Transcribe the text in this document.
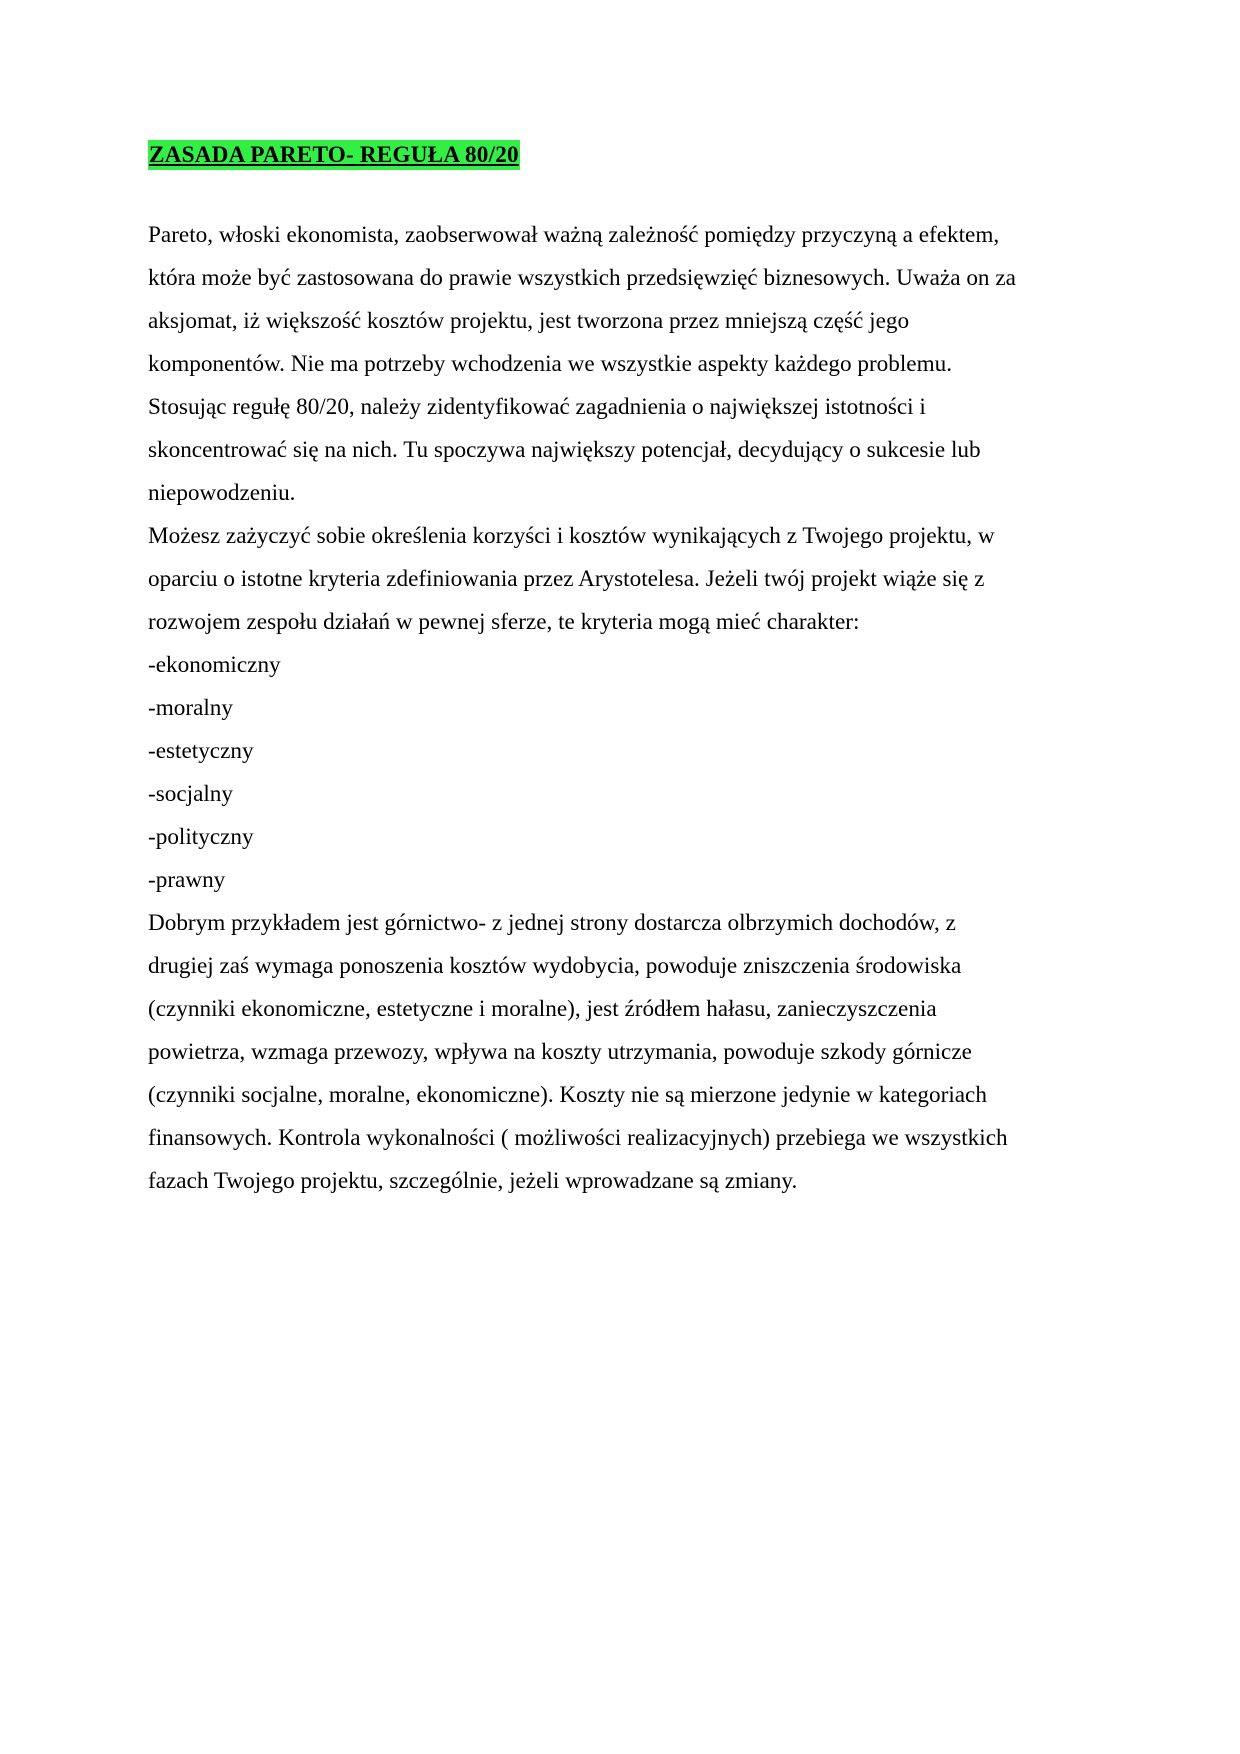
ZASADA PARETO- REGUŁA 80/20
Pareto, włoski ekonomista, zaobserwował ważną zależność pomiędzy przyczyną a efektem,
która może być zastosowana do prawie wszystkich przedsięwzięć biznesowych. Uważa on za
aksjomat, iż większość kosztów projektu, jest tworzona przez mniejszą część jego
komponentów. Nie ma potrzeby wchodzenia we wszystkie aspekty każdego problemu.
Stosując regułę 80/20, należy zidentyfikować zagadnienia o największej istotności i
skoncentrować się na nich. Tu spoczywa największy potencjał, decydujący o sukcesie lub
niepowodzeniu.
Możesz zażyczyć sobie określenia korzyści i kosztów wynikających z Twojego projektu, w
oparciu o istotne kryteria zdefiniowania przez Arystotelesa. Jeżeli twój projekt wiąże się z
rozwojem zespołu działań w pewnej sferze, te kryteria mogą mieć charakter:
-ekonomiczny
-moralny
-estetyczny
-socjalny
-polityczny
-prawny
Dobrym przykładem jest górnictwo- z jednej strony dostarcza olbrzymich dochodów, z
drugiej zaś wymaga ponoszenia kosztów wydobycia, powoduje zniszczenia środowiska
(czynniki ekonomiczne, estetyczne i moralne), jest źródłem hałasu, zanieczyszczenia
powietrza, wzmaga przewozy, wpływa na koszty utrzymania, powoduje szkody górnicze
(czynniki socjalne, moralne, ekonomiczne). Koszty nie są mierzone jedynie w kategoriach
finansowych. Kontrola wykonalności ( możliwości realizacyjnych) przebiega we wszystkich
fazach Twojego projektu, szczególnie, jeżeli wprowadzane są zmiany.
